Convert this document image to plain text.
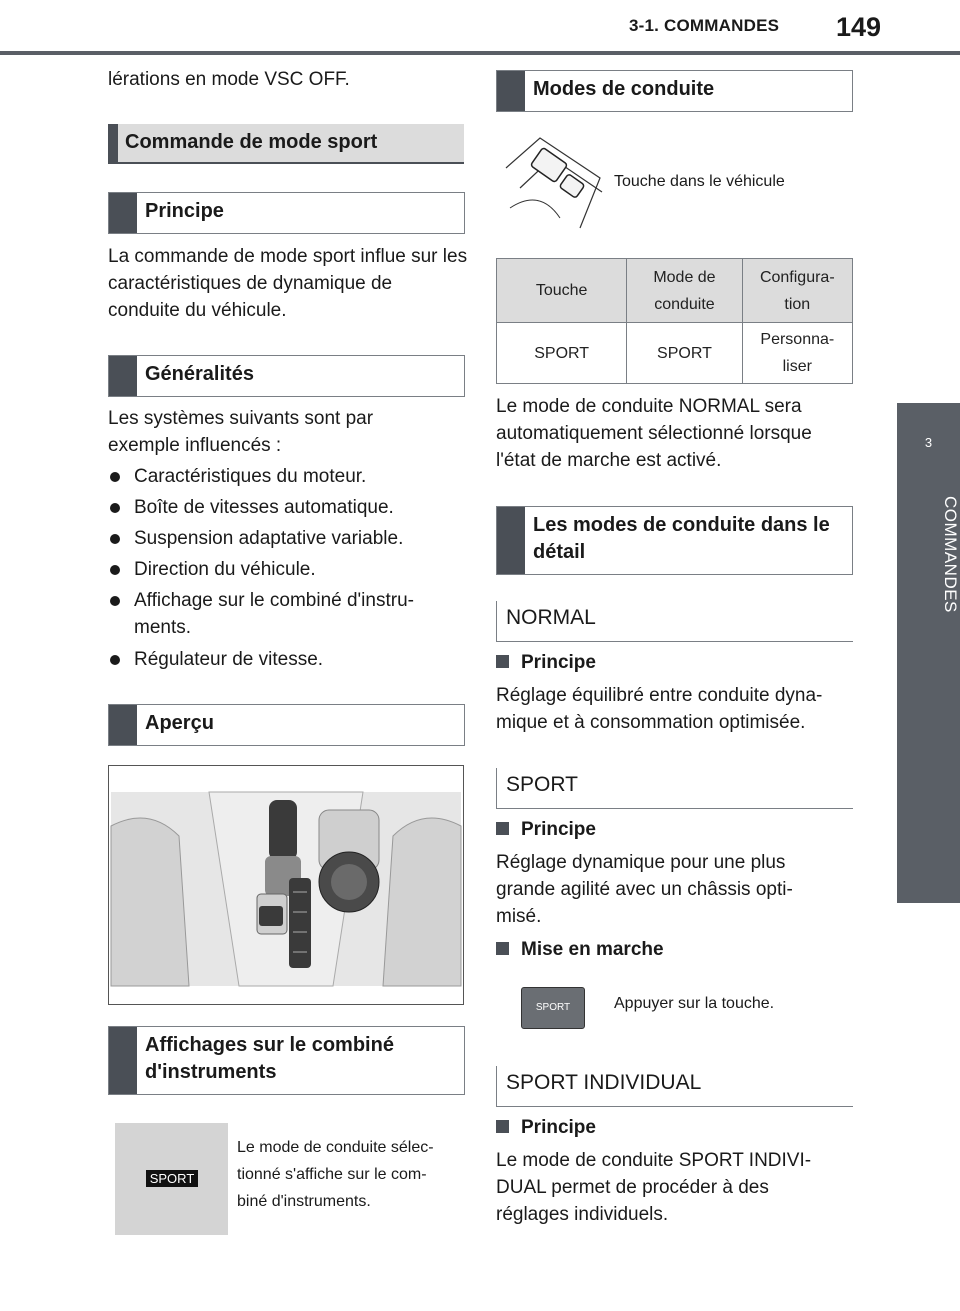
3-1. COMMANDES 149
3
COMMANDES
lérations en mode VSC OFF.
Commande de mode sport
Principe
La commande de mode sport influe sur les caractéristiques de dynamique de conduite du véhicule.
Généralités
Les systèmes suivants sont par exemple influencés :
Caractéristiques du moteur.
Boîte de vitesses automatique.
Suspension adaptative variable.
Direction du véhicule.
Affichage sur le combiné d'instru-ments.
Régulateur de vitesse.
Aperçu
Affichages sur le combiné d'instruments
SPORT
Le mode de conduite sélec-tionné s'affiche sur le com-biné d'instruments.
Modes de conduite
Touche dans le véhicule
Touche	Mode de conduite	Configura-tion
SPORT	SPORT	Personna-liser
Le mode de conduite NORMAL sera automatiquement sélectionné lorsque l'état de marche est activé.
Les modes de conduite dans le détail
NORMAL
Principe
Réglage équilibré entre conduite dyna-mique et à consommation optimisée.
SPORT
Principe
Réglage dynamique pour une plus grande agilité avec un châssis opti-misé.
Mise en marche
SPORT	Appuyer sur la touche.
SPORT INDIVIDUAL
Principe
Le mode de conduite SPORT INDIVI-DUAL permet de procéder à des réglages individuels.
